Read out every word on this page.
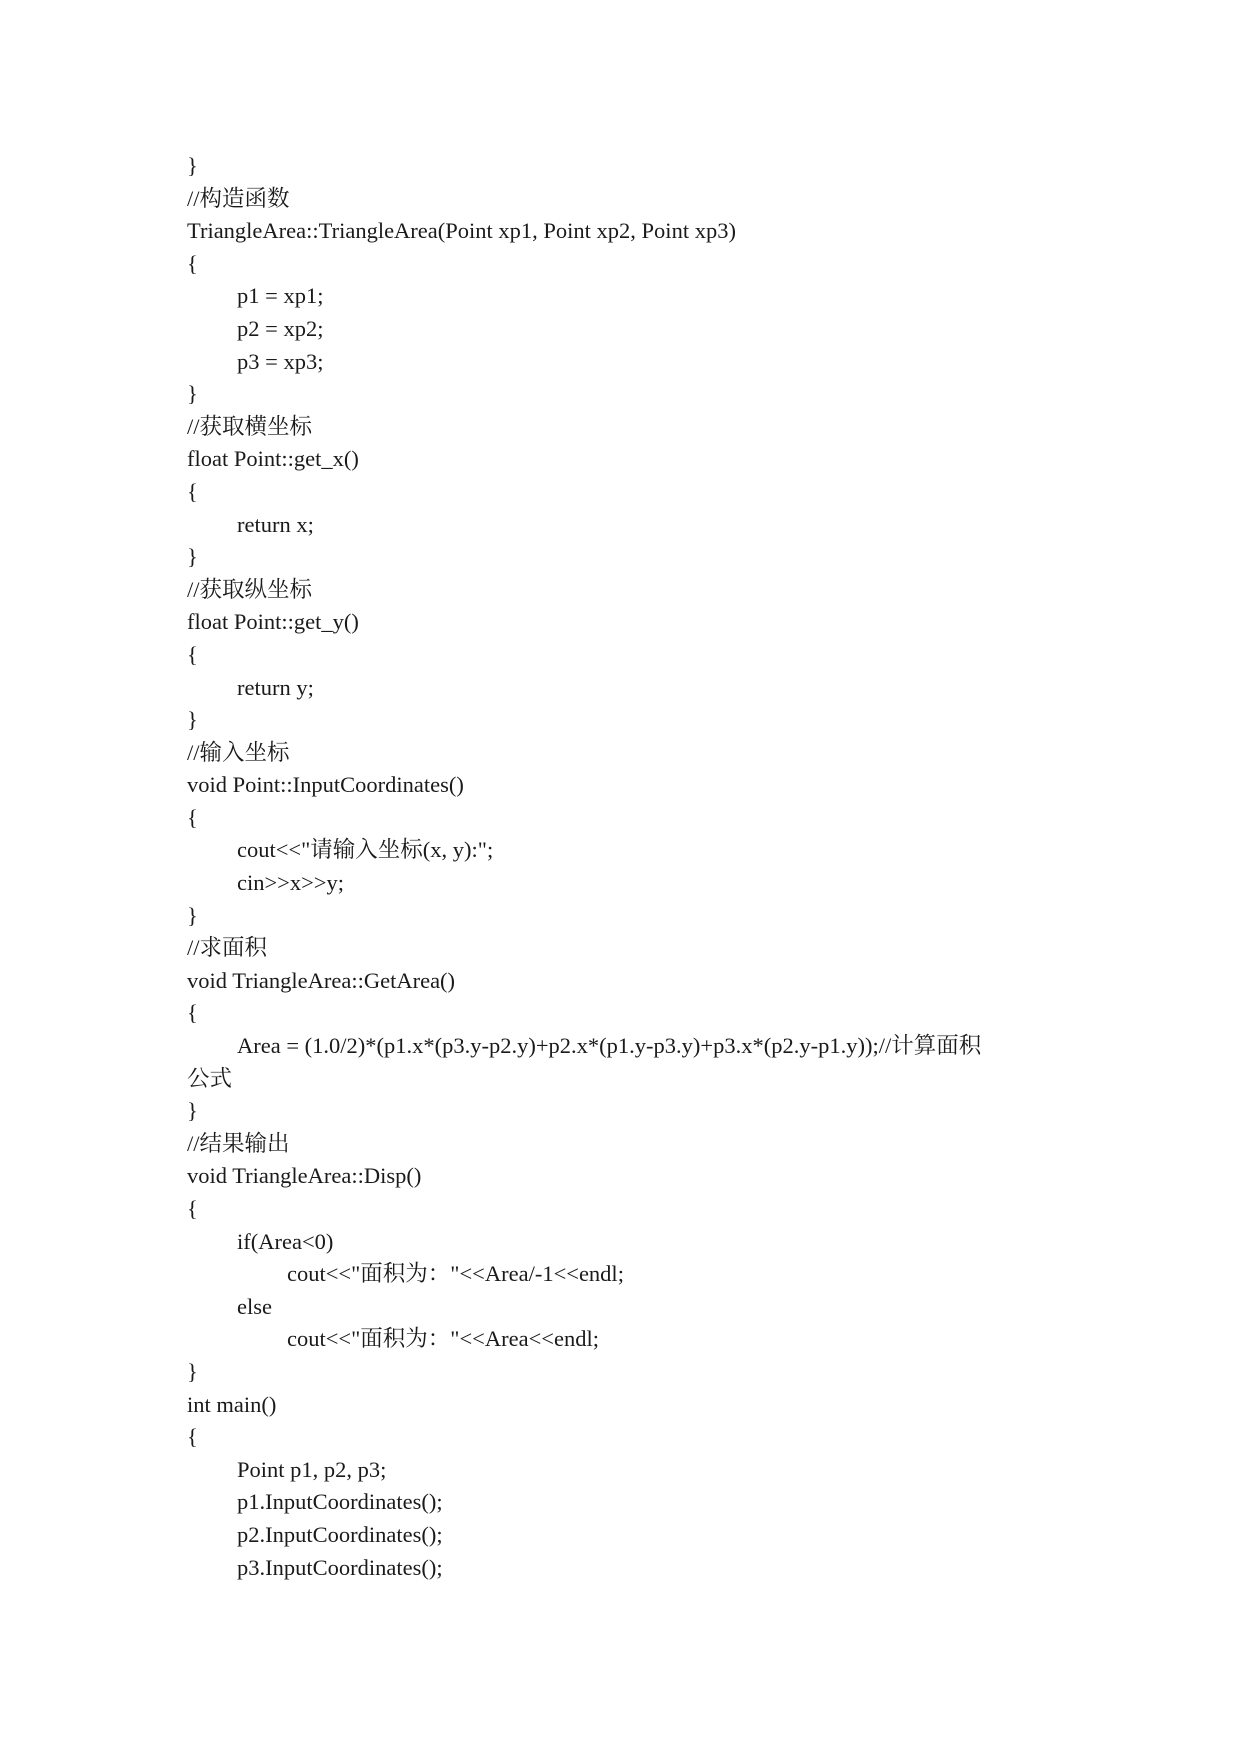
}
//构造函数
TriangleArea::TriangleArea(Point xp1, Point xp2, Point xp3)
{
p1 = xp1;
p2 = xp2;
p3 = xp3;
}
//获取横坐标
float Point::get_x()
{
return x;
}
//获取纵坐标
float Point::get_y()
{
return y;
}
//输入坐标
void Point::InputCoordinates()
{
cout<<"请输入坐标(x, y):";
cin>>x>>y;
}
//求面积
void TriangleArea::GetArea()
{
Area = (1.0/2)*(p1.x*(p3.y-p2.y)+p2.x*(p1.y-p3.y)+p3.x*(p2.y-p1.y));//计算面积
公式
}
//结果输出
void TriangleArea::Disp()
{
if(Area<0)
cout<<"面积为："<<Area/-1<<endl;
else
cout<<"面积为："<<Area<<endl;
}
int main()
{
Point p1, p2, p3;
p1.InputCoordinates();
p2.InputCoordinates();
p3.InputCoordinates();
